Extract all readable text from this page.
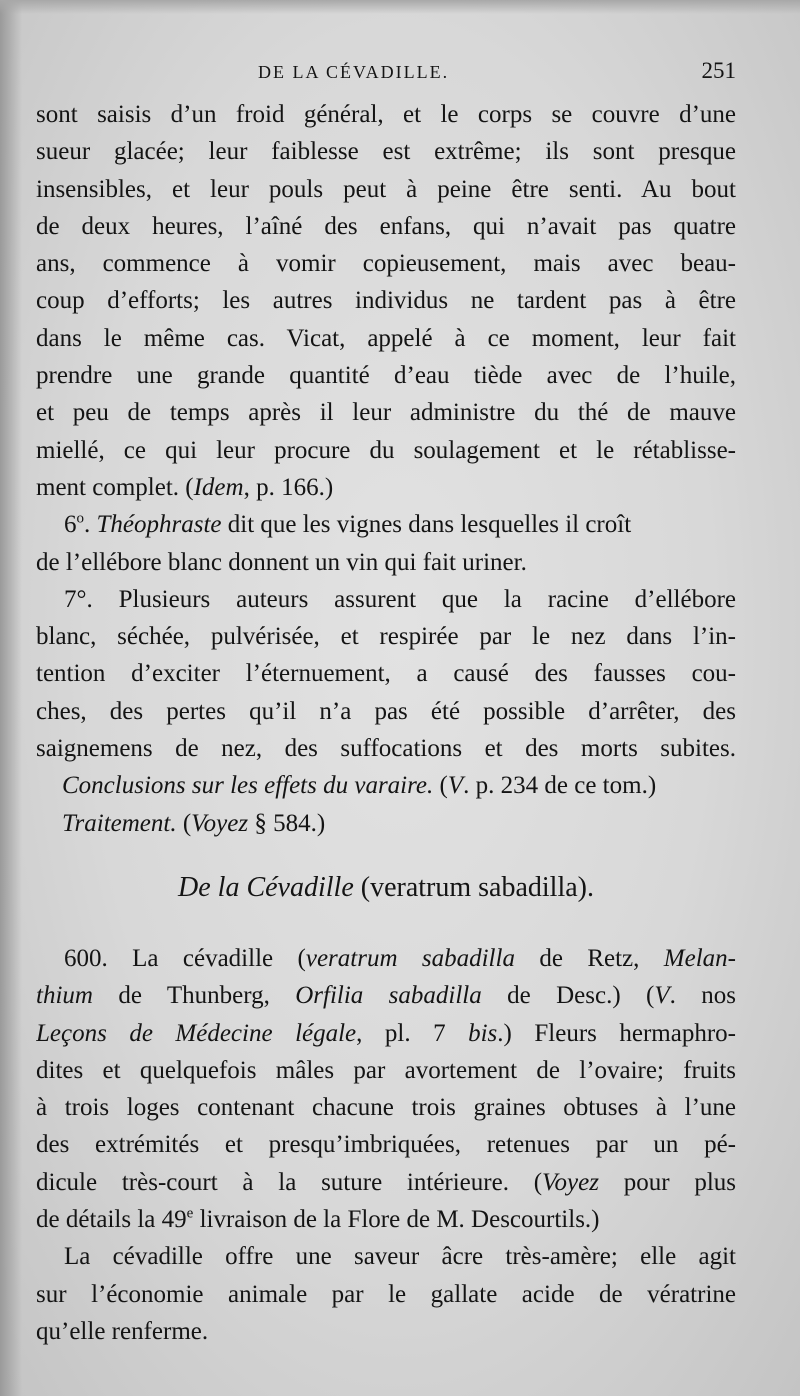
DE LA CÉVADILLE.	251
sont saisis d’un froid général, et le corps se couvre d’une
sueur glacée; leur faiblesse est extrême; ils sont presque
insensibles, et leur pouls peut à peine être senti. Au bout
de deux heures, l’aîné des enfans, qui n’avait pas quatre
ans, commence à vomir copieusement, mais avec beau-
coup d’efforts; les autres individus ne tardent pas à être
dans le même cas. Vicat, appelé à ce moment, leur fait
prendre une grande quantité d’eau tiède avec de l’huile,
et peu de temps après il leur administre du thé de mauve
miellé, ce qui leur procure du soulagement et le rétablisse-
ment complet. (Idem, p. 166.)
6$^o$. Théophraste dit que les vignes dans lesquelles il croît
de l’ellébore blanc donnent un vin qui fait uriner.
7°. Plusieurs auteurs assurent que la racine d’ellébore
blanc, séchée, pulvérisée, et respirée par le nez dans l’in-
tention d’exciter l’éternuement, a causé des fausses cou-
ches, des pertes qu’il n’a pas été possible d’arrêter, des
saignemens de nez, des suffocations et des morts subites.
Conclusions sur les effets du varaire. (V. p. 234 de ce tom.)
Traitement. (Voyez § 584.)
De la Cévadille (veratrum sabadilla).
600. La cévadille (veratrum sabadilla de Retz, Melan-
thium de Thunberg, Orfilia sabadilla de Desc.) (V. nos
Leçons de Médecine légale, pl. 7 bis.) Fleurs hermaphro-
dites et quelquefois mâles par avortement de l’ovaire; fruits
à trois loges contenant chacune trois graines obtuses à l’une
des extrémités et presqu’imbriquées, retenues par un pé-
dicule très-court à la suture intérieure. (Voyez pour plus
de détails la 49e livraison de la Flore de M. Descourtils.)
La cévadille offre une saveur âcre très-amère; elle agit
sur l’économie animale par le gallate acide de vératrine
qu’elle renferme.
